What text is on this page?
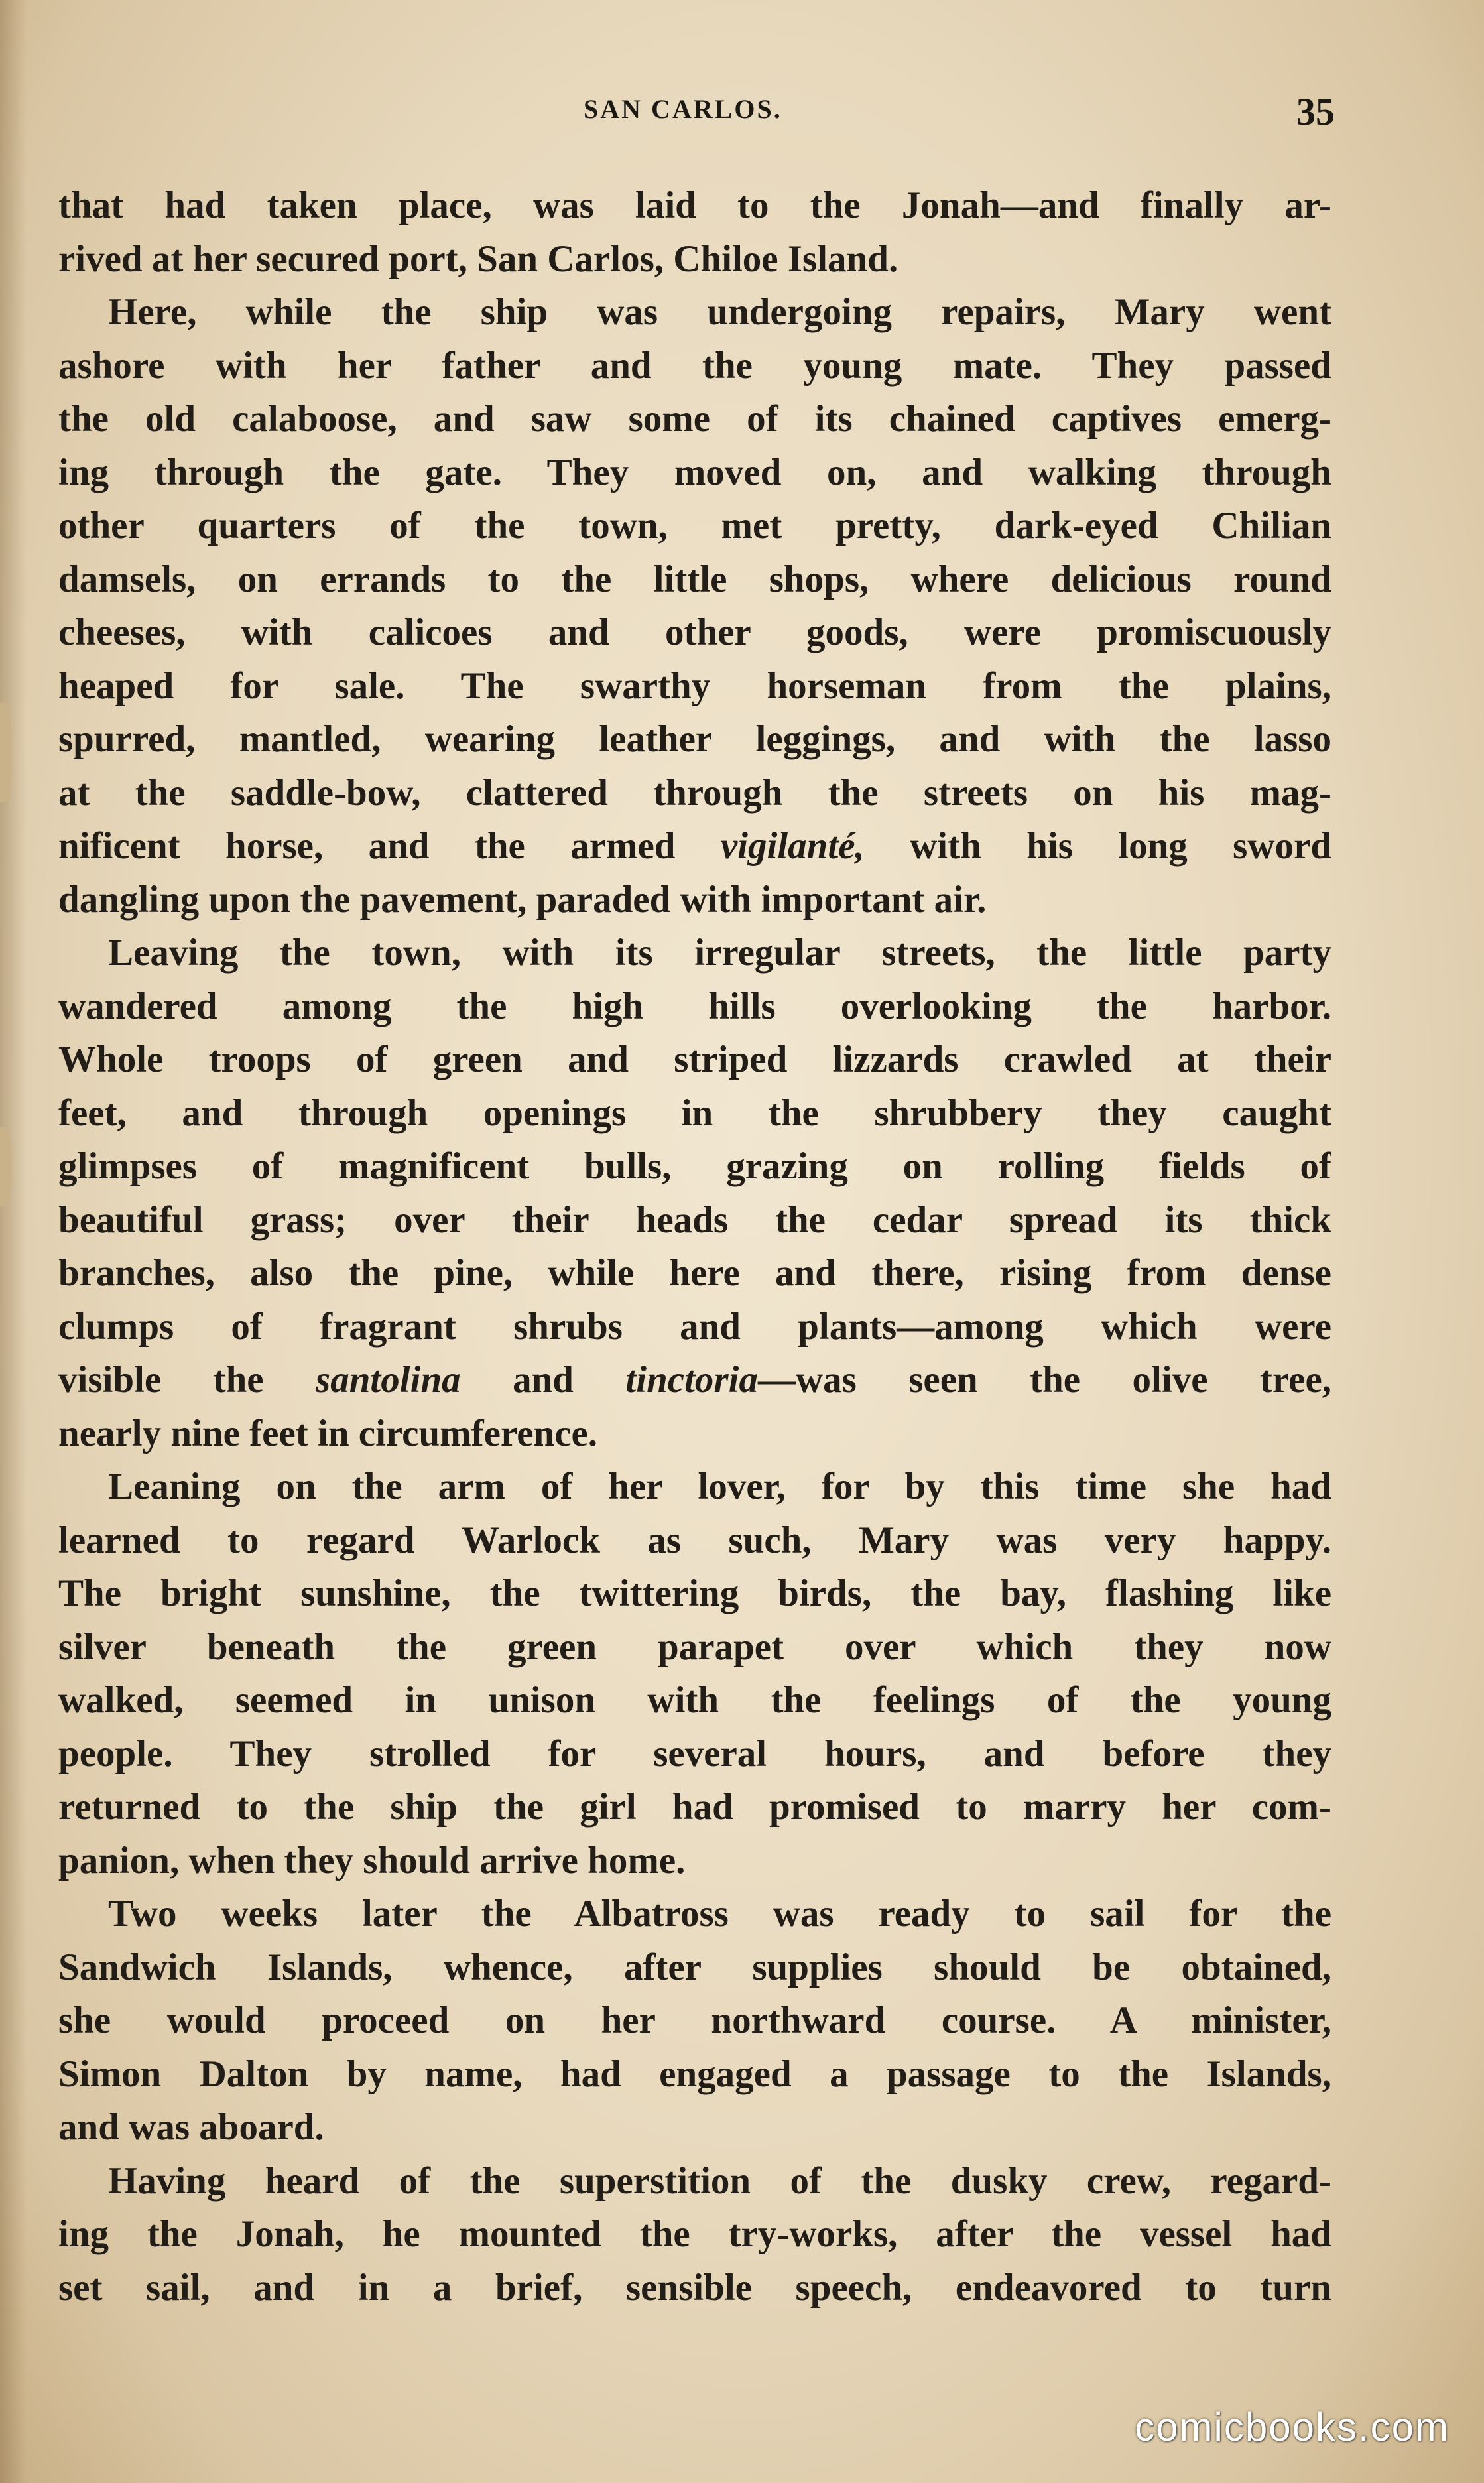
SAN CARLOS.	35
that had taken place, was laid to the Jonah—and finally ar-
rived at her secured port, San Carlos, Chiloe Island.
Here, while the ship was undergoing repairs, Mary went
ashore with her father and the young mate. They passed
the old calaboose, and saw some of its chained captives emerg-
ing through the gate. They moved on, and walking through
other quarters of the town, met pretty, dark-eyed Chilian
damsels, on errands to the little shops, where delicious round
cheeses, with calicoes and other goods, were promiscuously
heaped for sale. The swarthy horseman from the plains,
spurred, mantled, wearing leather leggings, and with the lasso
at the saddle-bow, clattered through the streets on his mag-
nificent horse, and the armed vigilanté, with his long sword
dangling upon the pavement, paraded with important air.
Leaving the town, with its irregular streets, the little party
wandered among the high hills overlooking the harbor.
Whole troops of green and striped lizzards crawled at their
feet, and through openings in the shrubbery they caught
glimpses of magnificent bulls, grazing on rolling fields of
beautiful grass; over their heads the cedar spread its thick
branches, also the pine, while here and there, rising from dense
clumps of fragrant shrubs and plants—among which were
visible the santolina and tinctoria—was seen the olive tree,
nearly nine feet in circumference.
Leaning on the arm of her lover, for by this time she had
learned to regard Warlock as such, Mary was very happy.
The bright sunshine, the twittering birds, the bay, flashing like
silver beneath the green parapet over which they now
walked, seemed in unison with the feelings of the young
people. They strolled for several hours, and before they
returned to the ship the girl had promised to marry her com-
panion, when they should arrive home.
Two weeks later the Albatross was ready to sail for the
Sandwich Islands, whence, after supplies should be obtained,
she would proceed on her northward course. A minister,
Simon Dalton by name, had engaged a passage to the Islands,
and was aboard.
Having heard of the superstition of the dusky crew, regard-
ing the Jonah, he mounted the try-works, after the vessel had
set sail, and in a brief, sensible speech, endeavored to turn
comicbooks.com
